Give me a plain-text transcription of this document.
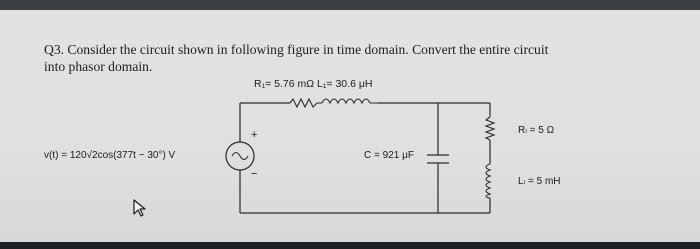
Q3. Consider the circuit shown in following figure in time domain. Convert the entire circuit
into phasor domain.
R₁= 5.76 mΩ L₁= 30.6 μH
v(t) = 120√2cos(377t − 30°) V	C = 921 μF
Rₗ = 5 Ω
Lₗ = 5 mH
+
−
